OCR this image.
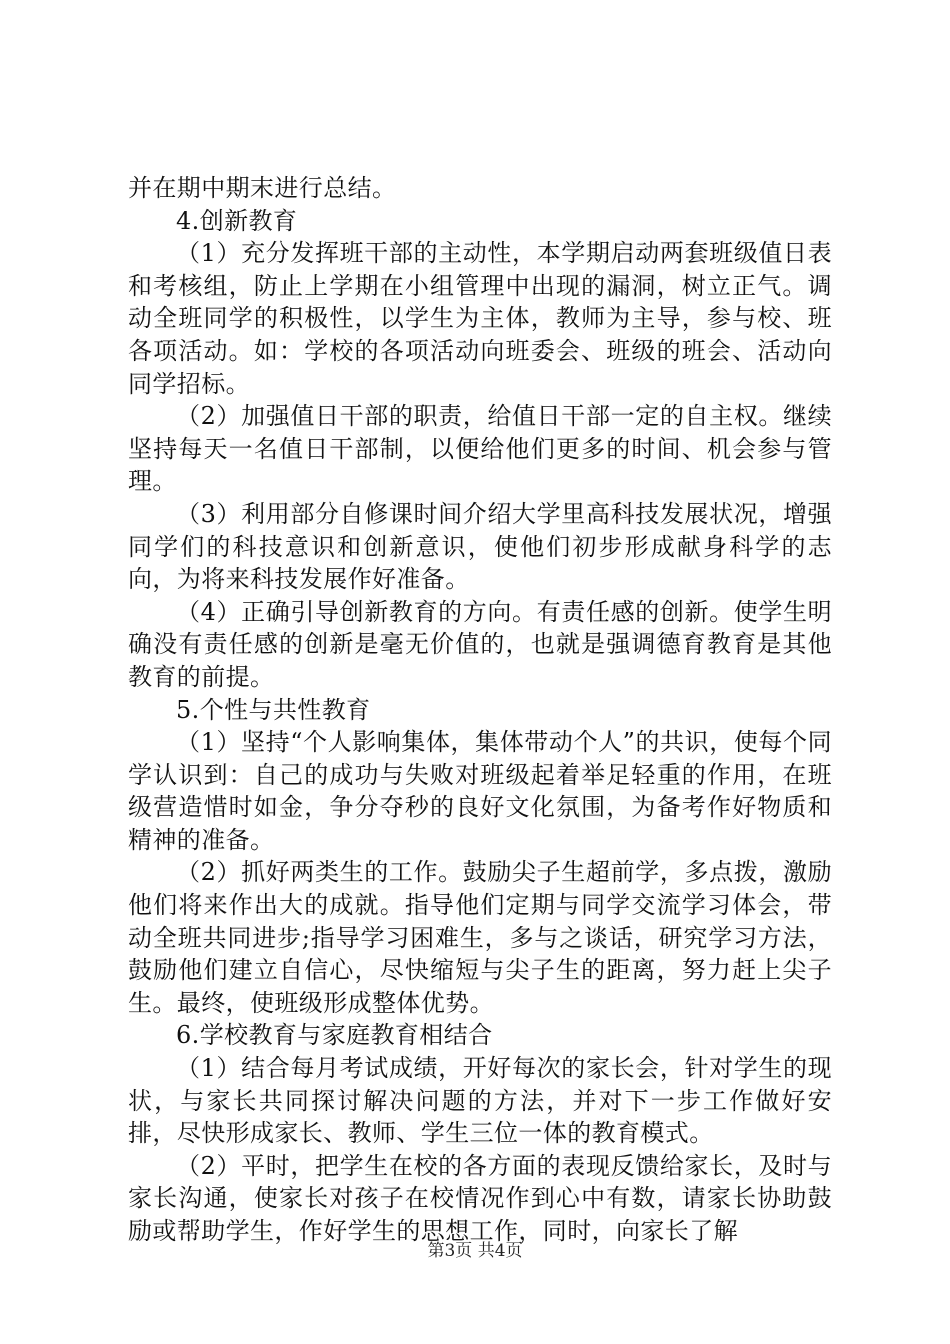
并在期中期末进行总结。

4.创新教育

（1）充分发挥班干部的主动性，本学期启动两套班级值日表和考核组，防止上学期在小组管理中出现的漏洞，树立正气。调动全班同学的积极性，以学生为主体，教师为主导，参与校、班各项活动。如：学校的各项活动向班委会、班级的班会、活动向同学招标。

（2）加强值日干部的职责，给值日干部一定的自主权。继续坚持每天一名值日干部制，以便给他们更多的时间、机会参与管理。

（3）利用部分自修课时间介绍大学里高科技发展状况，增强同学们的科技意识和创新意识，使他们初步形成献身科学的志向，为将来科技发展作好准备。

（4）正确引导创新教育的方向。有责任感的创新。使学生明确没有责任感的创新是毫无价值的，也就是强调德育教育是其他教育的前提。

5.个性与共性教育

（1）坚持“个人影响集体，集体带动个人”的共识，使每个同学认识到：自己的成功与失败对班级起着举足轻重的作用，在班级营造惜时如金，争分夺秒的良好文化氛围，为备考作好物质和精神的准备。

（2）抓好两类生的工作。鼓励尖子生超前学，多点拨，激励他们将来作出大的成就。指导他们定期与同学交流学习体会，带动全班共同进步;指导学习困难生，多与之谈话，研究学习方法，鼓励他们建立自信心，尽快缩短与尖子生的距离，努力赶上尖子生。最终，使班级形成整体优势。

6.学校教育与家庭教育相结合

（1）结合每月考试成绩，开好每次的家长会，针对学生的现状，与家长共同探讨解决问题的方法，并对下一步工作做好安排，尽快形成家长、教师、学生三位一体的教育模式。

（2）平时，把学生在校的各方面的表现反馈给家长，及时与家长沟通，使家长对孩子在校情况作到心中有数，请家长协助鼓励或帮助学生，作好学生的思想工作，同时，向家长了解

第3页 共4页
